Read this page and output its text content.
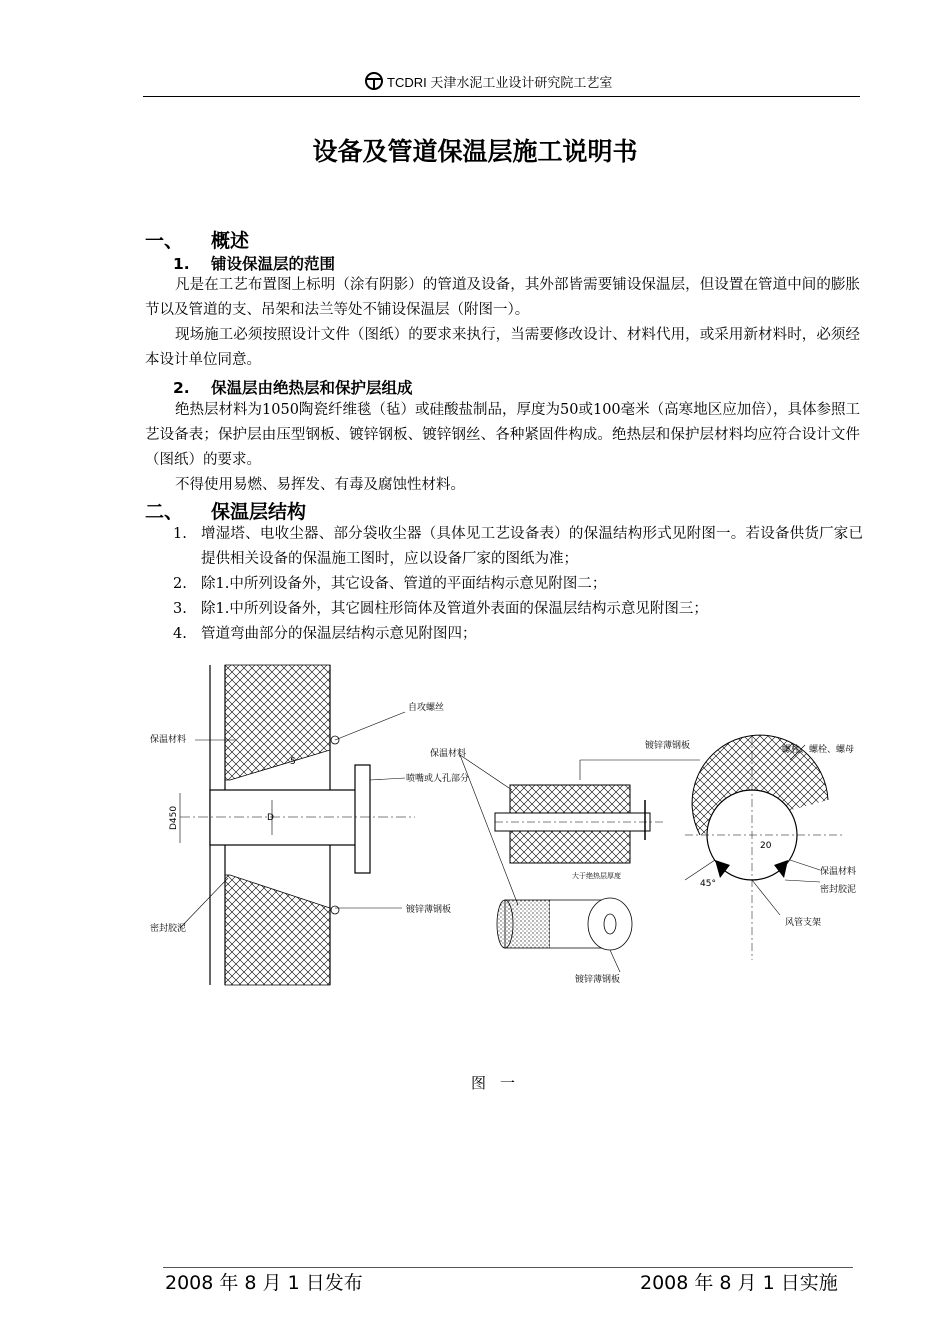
TCDRI 天津水泥工业设计研究院工艺室
设备及管道保温层施工说明书
一、 概述
1. 铺设保温层的范围
凡是在工艺布置图上标明（涂有阴影）的管道及设备，其外部皆需要铺设保温层，但设置在管道中间的膨胀节以及管道的支、吊架和法兰等处不铺设保温层（附图一）。
现场施工必须按照设计文件（图纸）的要求来执行，当需要修改设计、材料代用，或采用新材料时，必须经本设计单位同意。
2. 保温层由绝热层和保护层组成
绝热层材料为1050陶瓷纤维毯（毡）或硅酸盐制品，厚度为50或100毫米（高寒地区应加倍），具体参照工艺设备表；保护层由压型钢板、镀锌钢板、镀锌钢丝、各种紧固件构成。绝热层和保护层材料均应符合设计文件（图纸）的要求。
不得使用易燃、易挥发、有毒及腐蚀性材料。
二、 保温层结构
1. 增湿塔、电收尘器、部分袋收尘器（具体见工艺设备表）的保温结构形式见附图一。若设备供货厂家已提供相关设备的保温施工图时，应以设备厂家的图纸为准；
2. 除1.中所列设备外，其它设备、管道的平面结构示意见附图二；
3. 除1.中所列设备外，其它圆柱形筒体及管道外表面的保温层结构示意见附图三；
4. 管道弯曲部分的保温层结构示意见附图四；
保温材料
自攻螺丝
喷嘴或人孔部分
密封胶泥
镀锌薄钢板
D450	D
5
保温材料
镀锌薄钢板
大于绝热层厚度
镀锌薄钢板
螺柱、螺栓、螺母
保温材料
密封胶泥
风管支架
20
45°
图一
2008 年 8 月 1 日发布	2008 年 8 月 1 日实施
